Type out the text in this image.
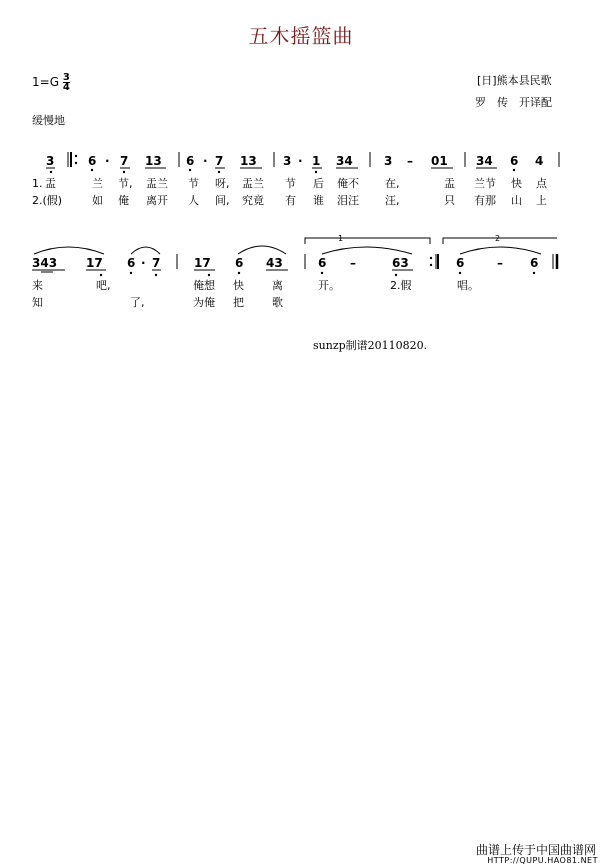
五木摇篮曲
$1=G \frac{3}{4}$
缓慢地
[日]熊本县民歌
罗　传　开译配
3	6 · 7 13 6 · 7 13 3 · 1 34	3 – 01 34 6 4
1. 盂	兰 节, 盂兰 节 呀, 盂兰 节 后 俺不 在,	盂 兰节 快 点
2.(假)	如 俺 离开 人 间, 究竟 有 谁 泪汪 汪,	只 有那 山 上
1	2
343 17 6 · 7	17 6 43	6 –	63	6	– 6
来	吧,	俺想 快	离	开。	2.假	唱。
知	了,	为俺 把	歌
sunzp制谱20110820.
曲谱上传于中国曲谱网
HTTP://QUPU.HAO81.NET
